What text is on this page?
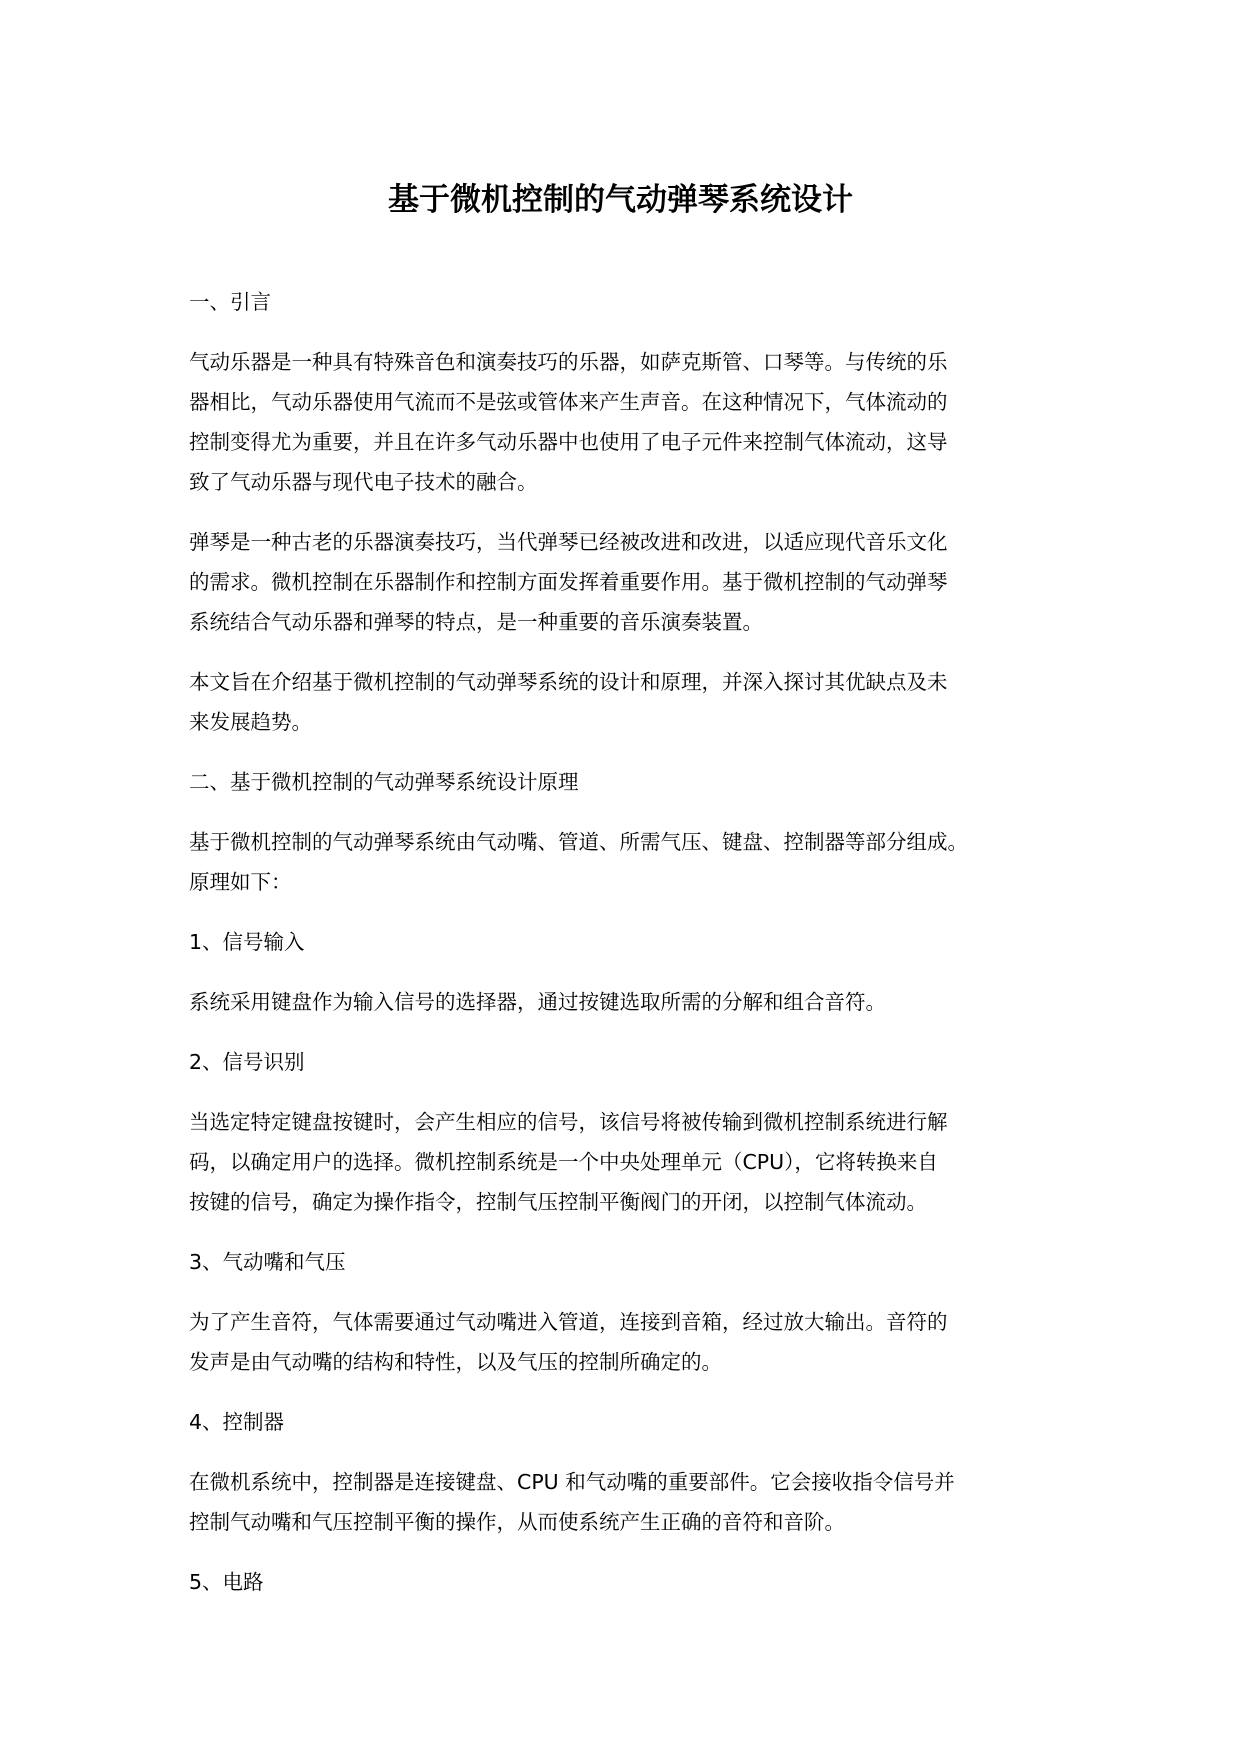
基于微机控制的气动弹琴系统设计

一、引言

气动乐器是一种具有特殊音色和演奏技巧的乐器，如萨克斯管、口琴等。与传统的乐
器相比，气动乐器使用气流而不是弦或管体来产生声音。在这种情况下，气体流动的
控制变得尤为重要，并且在许多气动乐器中也使用了电子元件来控制气体流动，这导
致了气动乐器与现代电子技术的融合。

弹琴是一种古老的乐器演奏技巧，当代弹琴已经被改进和改进，以适应现代音乐文化
的需求。微机控制在乐器制作和控制方面发挥着重要作用。基于微机控制的气动弹琴
系统结合气动乐器和弹琴的特点，是一种重要的音乐演奏装置。

本文旨在介绍基于微机控制的气动弹琴系统的设计和原理，并深入探讨其优缺点及未
来发展趋势。

二、基于微机控制的气动弹琴系统设计原理

基于微机控制的气动弹琴系统由气动嘴、管道、所需气压、键盘、控制器等部分组成。
原理如下：

1、信号输入

系统采用键盘作为输入信号的选择器，通过按键选取所需的分解和组合音符。

2、信号识别

当选定特定键盘按键时，会产生相应的信号，该信号将被传输到微机控制系统进行解
码，以确定用户的选择。微机控制系统是一个中央处理单元（CPU），它将转换来自
按键的信号，确定为操作指令，控制气压控制平衡阀门的开闭，以控制气体流动。

3、气动嘴和气压

为了产生音符，气体需要通过气动嘴进入管道，连接到音箱，经过放大输出。音符的
发声是由气动嘴的结构和特性，以及气压的控制所确定的。

4、控制器

在微机系统中，控制器是连接键盘、CPU 和气动嘴的重要部件。它会接收指令信号并
控制气动嘴和气压控制平衡的操作，从而使系统产生正确的音符和音阶。

5、电路
